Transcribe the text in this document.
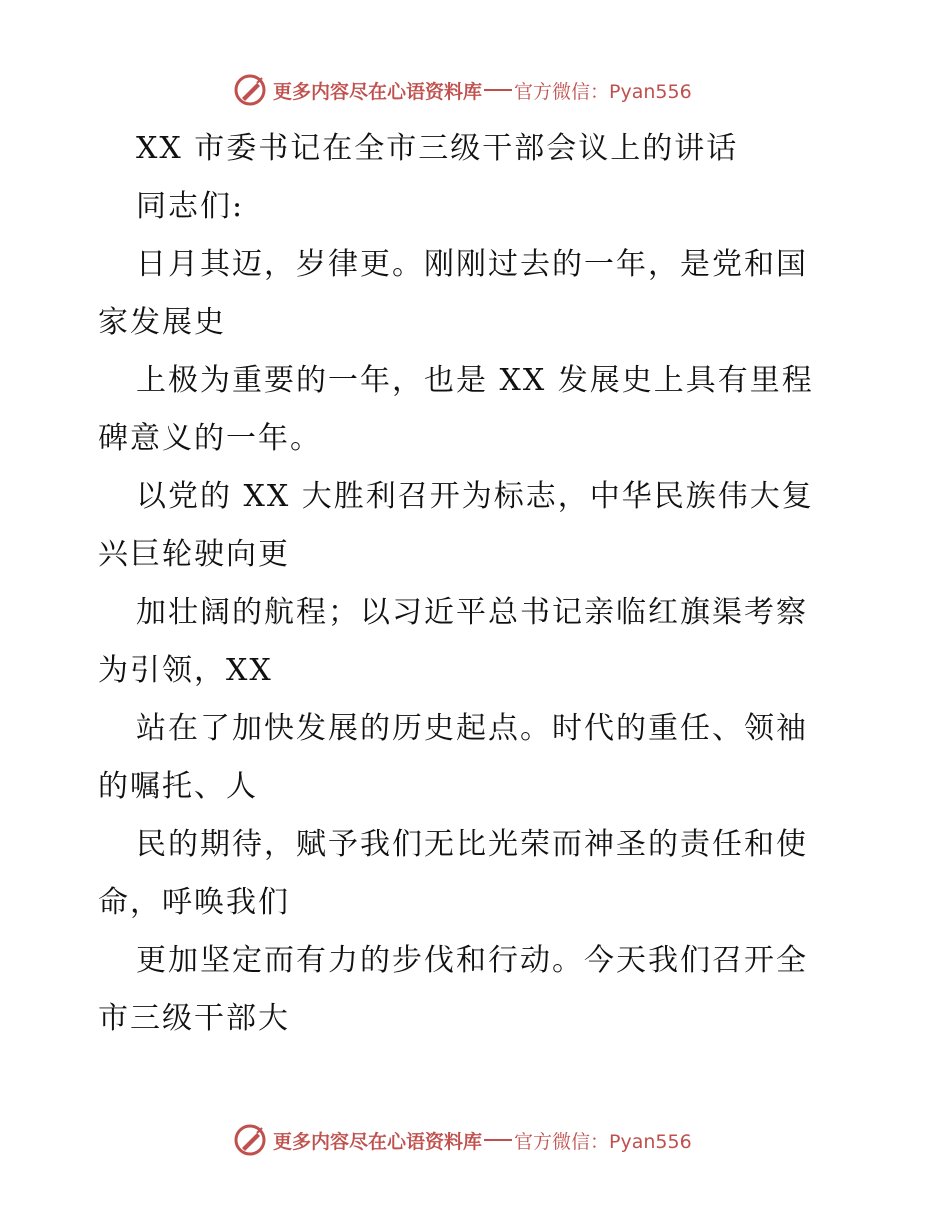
更多内容尽在心语资料库 官方微信：Pyan556

XX 市委书记在全市三级干部会议上的讲话

同志们:

日月其迈，岁律更。刚刚过去的一年，是党和国

家发展史

上极为重要的一年，也是 XX 发展史上具有里程

碑意义的一年。

以党的 XX 大胜利召开为标志，中华民族伟大复

兴巨轮驶向更

加壮阔的航程；以习近平总书记亲临红旗渠考察

为引领，XX

站在了加快发展的历史起点。时代的重任、领袖

的嘱托、人

民的期待，赋予我们无比光荣而神圣的责任和使

命，呼唤我们

更加坚定而有力的步伐和行动。今天我们召开全

市三级干部大

更多内容尽在心语资料库 官方微信：Pyan556
